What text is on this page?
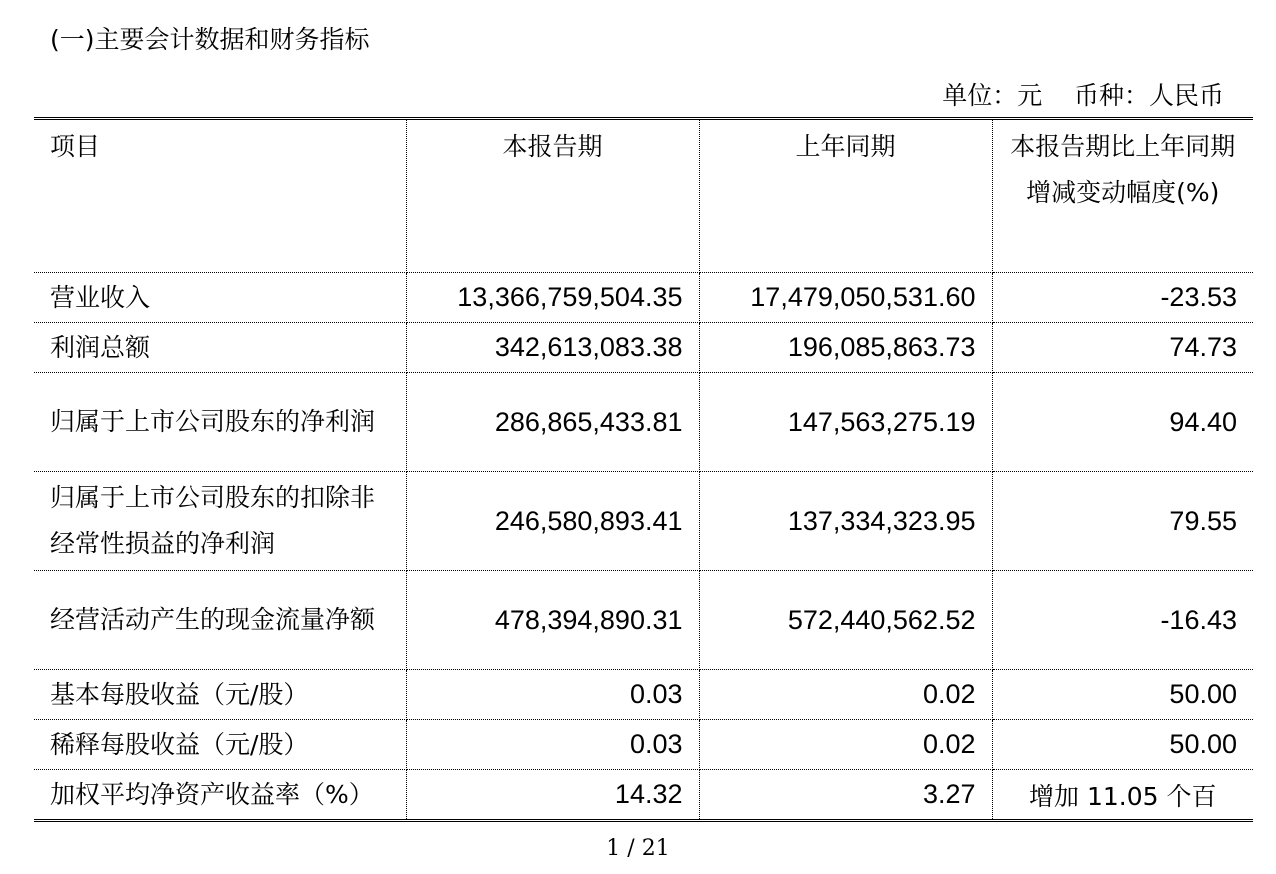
(一)主要会计数据和财务指标
单位：元    币种：人民币
项目	本报告期	上年同期	本报告期比上年同期增减变动幅度(%)
营业收入	13,366,759,504.35	17,479,050,531.60	-23.53
利润总额	342,613,083.38	196,085,863.73	74.73
归属于上市公司股东的净利润	286,865,433.81	147,563,275.19	94.40
归属于上市公司股东的扣除非经常性损益的净利润	246,580,893.41	137,334,323.95	79.55
经营活动产生的现金流量净额	478,394,890.31	572,440,562.52	-16.43
基本每股收益（元/股）	0.03	0.02	50.00
稀释每股收益（元/股）	0.03	0.02	50.00
加权平均净资产收益率（%）	14.32	3.27	增加 11.05 个百
1 / 21
